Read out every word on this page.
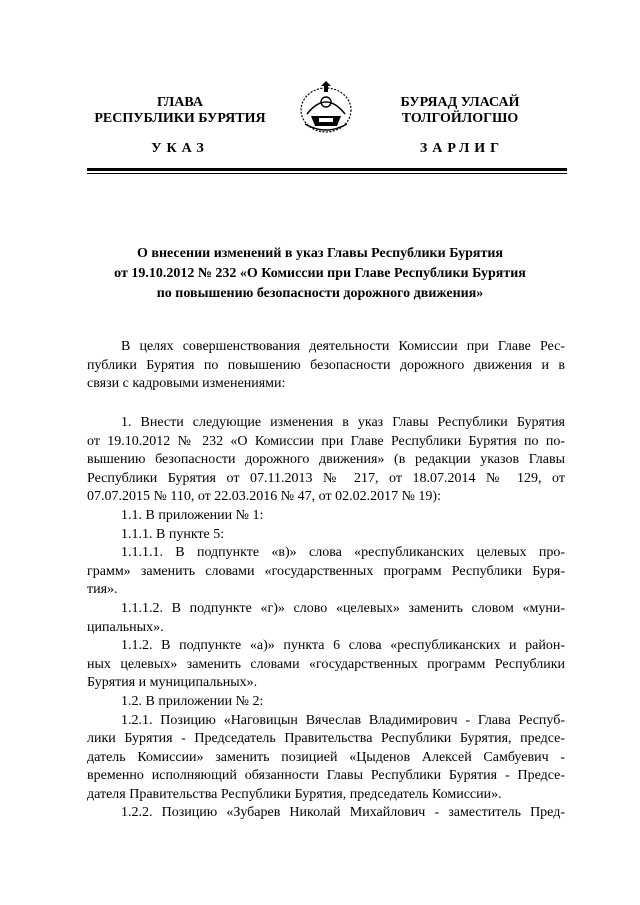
ГЛАВА
РЕСПУБЛИКИ БУРЯТИЯ
УКАЗ
БУРЯАД УЛАСАЙ
ТОЛГОЙЛОГШО
ЗАРЛИГ
О внесении изменений в указ Главы Республики Бурятия
от 19.10.2012 № 232 «О Комиссии при Главе Республики Бурятия
по повышению безопасности дорожного движения»
В целях совершенствования деятельности Комиссии при Главе Рес-
публики Бурятия по повышению безопасности дорожного движения и в
связи с кадровыми изменениями:
1. Внести следующие изменения в указ Главы Республики Бурятия
от 19.10.2012 № 232 «О Комиссии при Главе Республики Бурятия по по-
вышению безопасности дорожного движения» (в редакции указов Главы
Республики Бурятия от 07.11.2013 № 217, от 18.07.2014 № 129, от
07.07.2015 № 110, от 22.03.2016 № 47, от 02.02.2017 № 19):
1.1. В приложении № 1:
1.1.1. В пункте 5:
1.1.1.1. В подпункте «в)» слова «республиканских целевых про-
грамм» заменить словами «государственных программ Республики Буря-
тия».
1.1.1.2. В подпункте «г)» слово «целевых» заменить словом «муни-
ципальных».
1.1.2. В подпункте «а)» пункта 6 слова «республиканских и район-
ных целевых» заменить словами «государственных программ Республики
Бурятия и муниципальных».
1.2. В приложении № 2:
1.2.1. Позицию «Наговицын Вячеслав Владимирович - Глава Респуб-
лики Бурятия - Председатель Правительства Республики Бурятия, предсе-
датель Комиссии» заменить позицией «Цыденов Алексей Самбуевич -
временно исполняющий обязанности Главы Республики Бурятия - Предсе-
дателя Правительства Республики Бурятия, председатель Комиссии».
1.2.2. Позицию «Зубарев Николай Михайлович - заместитель Пред-
